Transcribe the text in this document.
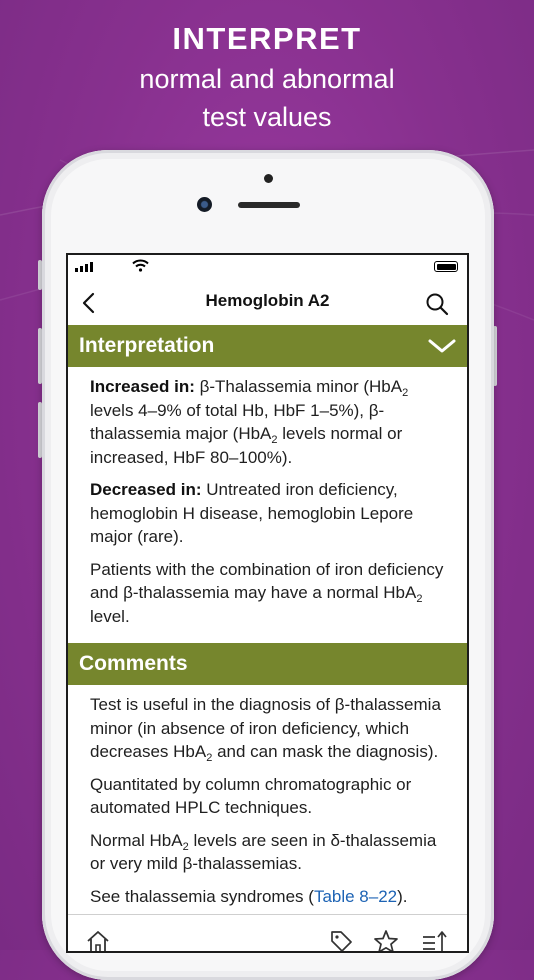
INTERPRET
normal and abnormal
test values
Hemoglobin A2
Interpretation

Increased in: β-Thalassemia minor (HbA$_2$ levels 4–9% of total Hb, HbF 1–5%), β-thalassemia major (HbA$_2$ levels normal or increased, HbF 80–100%).

Decreased in: Untreated iron deficiency, hemoglobin H disease, hemoglobin Lepore major (rare).

Patients with the combination of iron deficiency and β-thalassemia may have a normal HbA$_2$ level.

Comments

Test is useful in the diagnosis of β-thalassemia minor (in absence of iron deficiency, which decreases HbA$_2$ and can mask the diagnosis).

Quantitated by column chromatographic or automated HPLC techniques.

Normal HbA$_2$ levels are seen in δ-thalassemia or very mild β-thalassemias.

See thalassemia syndromes (Table 8–22).
